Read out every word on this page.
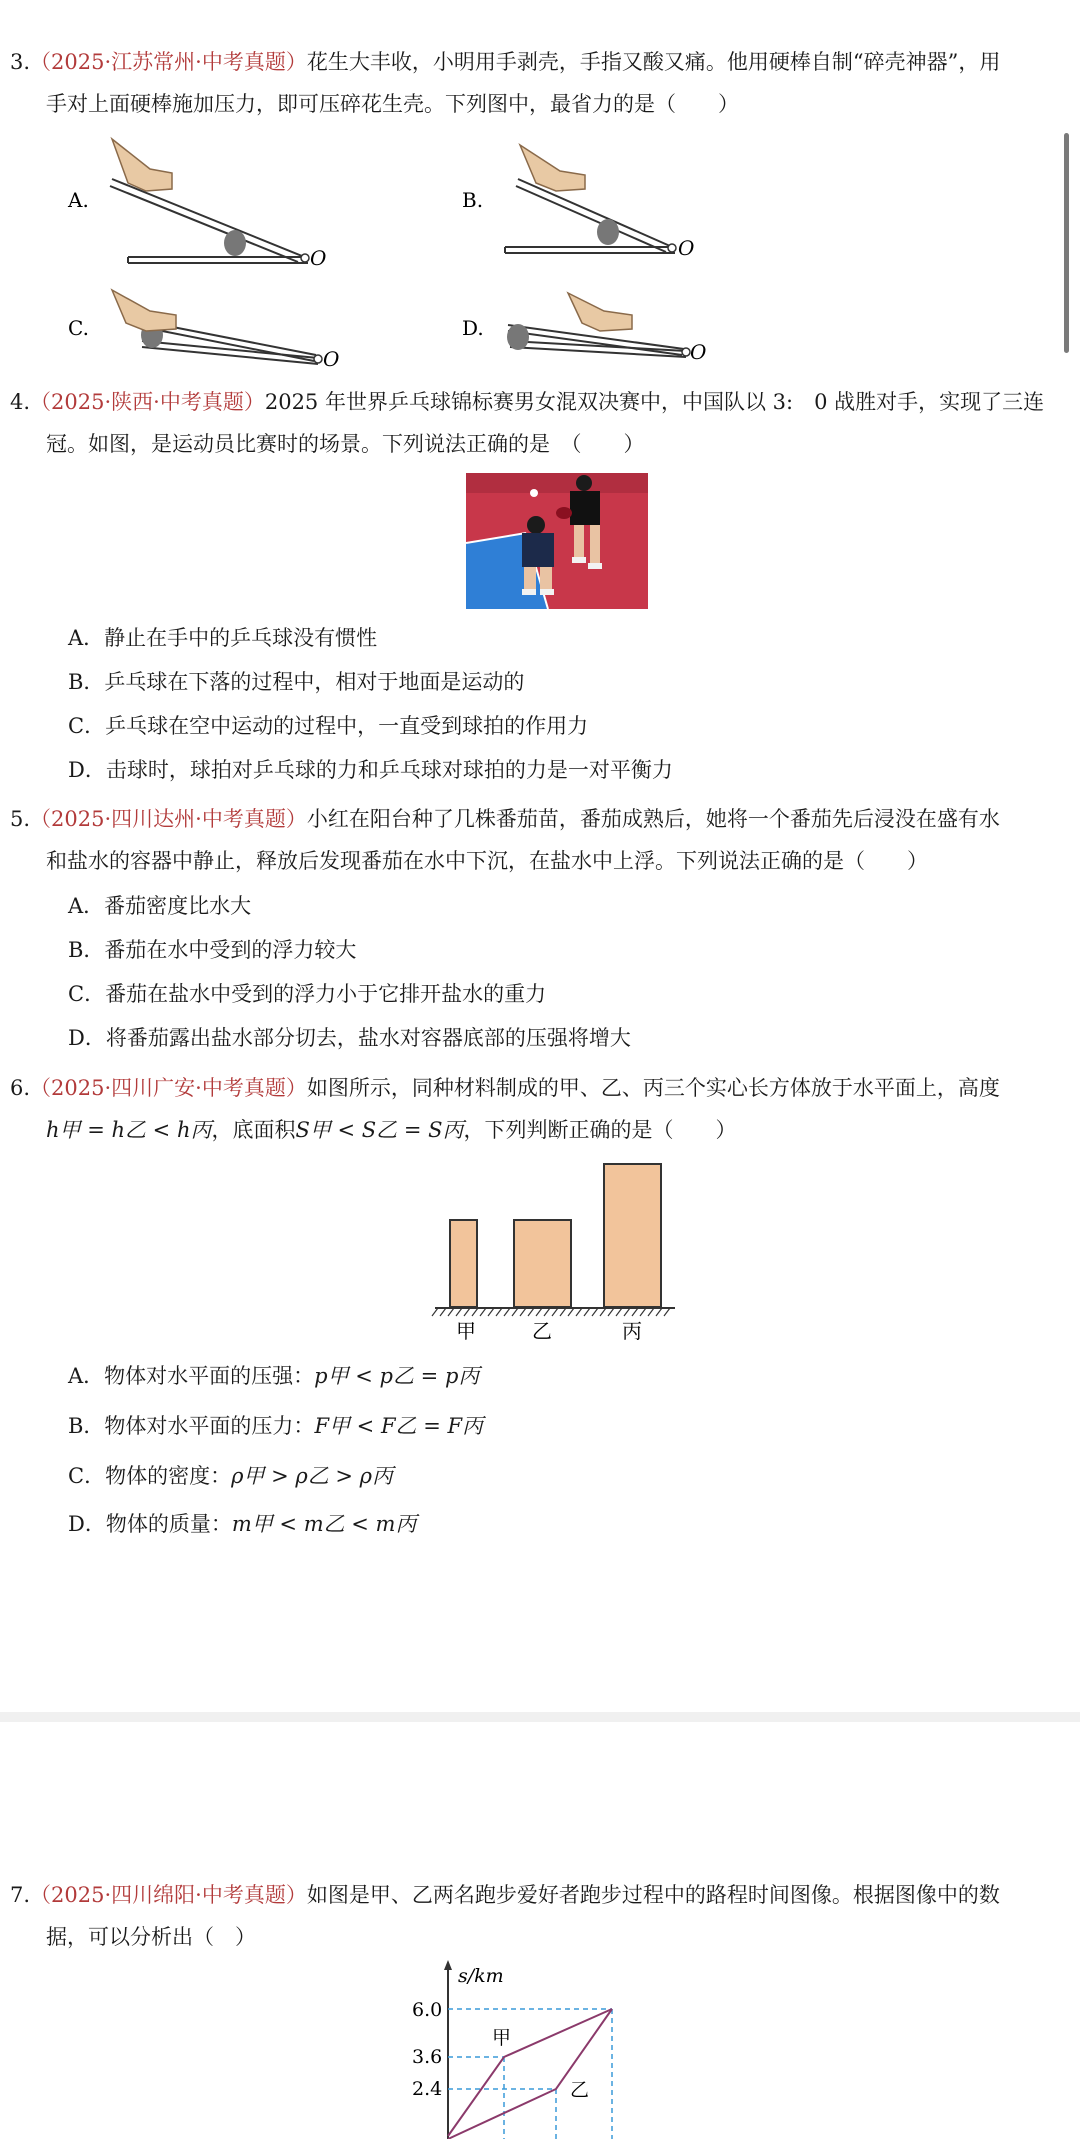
3.（2025·江苏常州·中考真题）花生大丰收，小明用手剥壳，手指又酸又痛。他用硬棒自制“碎壳神器”，用
手对上面硬棒施加压力，即可压碎花生壳。下列图中，最省力的是（　　）
A.
O
B.
O
C.
O
D.
O
4.（2025·陕西·中考真题）2025 年世界乒乓球锦标赛男女混双决赛中，中国队以 3:　0 战胜对手，实现了三连
冠。如图，是运动员比赛时的场景。下列说法正确的是　（　　）
A．静止在手中的乒乓球没有惯性
B．乒乓球在下落的过程中，相对于地面是运动的
C．乒乓球在空中运动的过程中，一直受到球拍的作用力
D．击球时，球拍对乒乓球的力和乒乓球对球拍的力是一对平衡力
5.（2025·四川达州·中考真题）小红在阳台种了几株番茄苗，番茄成熟后，她将一个番茄先后浸没在盛有水
和盐水的容器中静止，释放后发现番茄在水中下沉，在盐水中上浮。下列说法正确的是（　　）
A．番茄密度比水大
B．番茄在水中受到的浮力较大
C．番茄在盐水中受到的浮力小于它排开盐水的重力
D．将番茄露出盐水部分切去，盐水对容器底部的压强将增大
6.（2025·四川广安·中考真题）如图所示，同种材料制成的甲、乙、丙三个实心长方体放于水平面上，高度
h甲 = h乙 < h丙，底面积S甲 < S乙 = S丙，下列判断正确的是（　　）
甲	乙	丙
A．物体对水平面的压强：p甲 < p乙 = p丙
B．物体对水平面的压力：F甲 < F乙 = F丙
C．物体的密度：ρ甲 > ρ乙 > ρ丙
D．物体的质量：m甲 < m乙 < m丙
7.（2025·四川绵阳·中考真题）如图是甲、乙两名跑步爱好者跑步过程中的路程时间图像。根据图像中的数
据，可以分析出（　）
s/km
6.0
3.6
2.4
甲
乙
